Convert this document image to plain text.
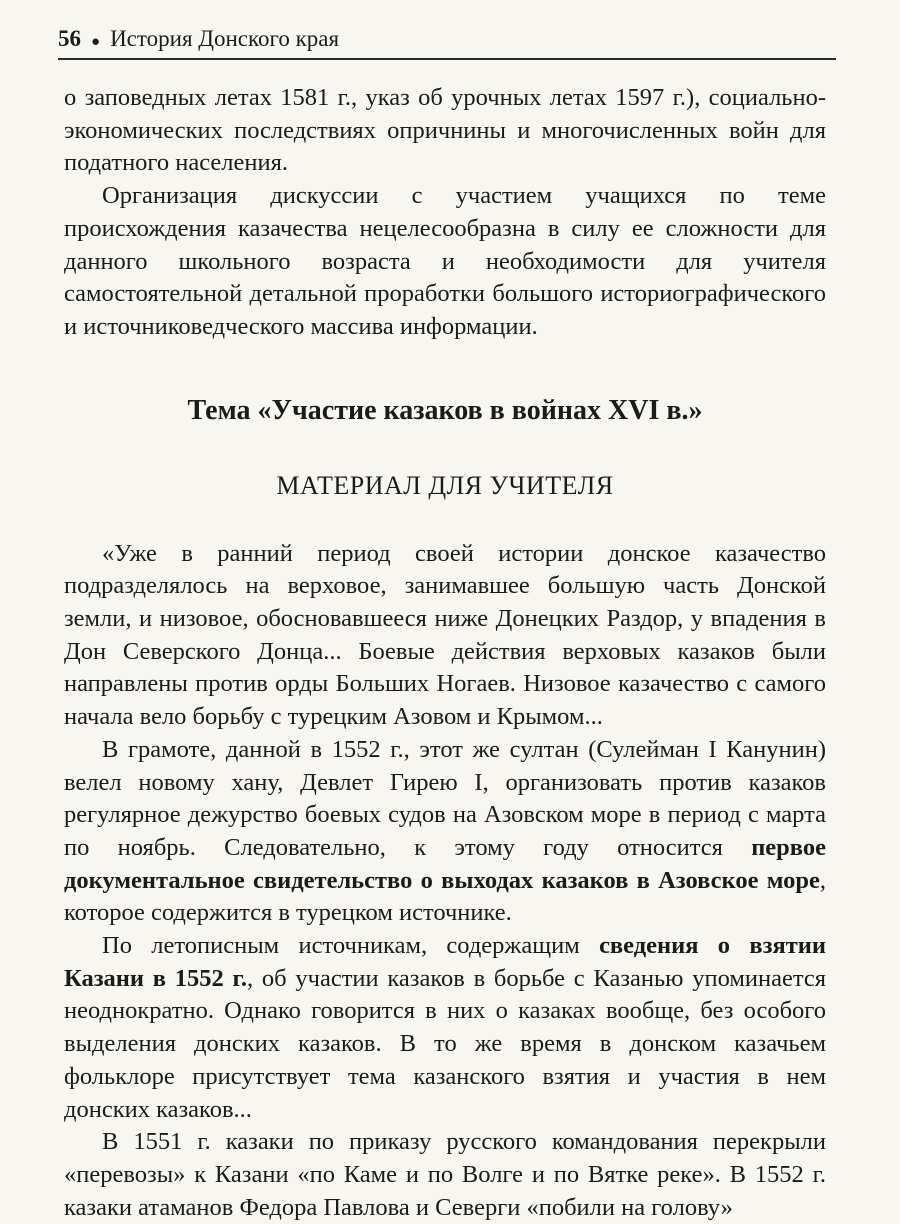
56 ● История Донского края

о заповедных летах 1581 г., указ об урочных летах 1597 г.), социально-экономических последствиях опричнины и многочисленных войн для податного населения.

Организация дискуссии с участием учащихся по теме происхождения казачества нецелесообразна в силу ее сложности для данного школьного возраста и необходимости для учителя самостоятельной детальной проработки большого историографического и источниковедческого массива информации.

Тема «Участие казаков в войнах XVI в.»
МАТЕРИАЛ ДЛЯ УЧИТЕЛЯ

«Уже в ранний период своей истории донское казачество подразделялось на верховое, занимавшее большую часть Донской земли, и низовое, обосновавшееся ниже Донецких Раздор, у впадения в Дон Северского Донца... Боевые действия верховых казаков были направлены против орды Больших Ногаев. Низовое казачество с самого начала вело борьбу с турецким Азовом и Крымом...

В грамоте, данной в 1552 г., этот же султан (Сулейман I Канунин) велел новому хану, Девлет Гирею I, организовать против казаков регулярное дежурство боевых судов на Азовском море в период с марта по ноябрь. Следовательно, к этому году относится первое документальное свидетельство о выходах казаков в Азовское море, которое содержится в турецком источнике.

По летописным источникам, содержащим сведения о взятии Казани в 1552 г., об участии казаков в борьбе с Казанью упоминается неоднократно. Однако говорится в них о казаках вообще, без особого выделения донских казаков. В то же время в донском казачьем фольклоре присутствует тема казанского взятия и участия в нем донских казаков...

В 1551 г. казаки по приказу русского командования перекрыли «перевозы» к Казани «по Каме и по Волге и по Вятке реке». В 1552 г. казаки атаманов Федора Павлова и Северги «побили на голову»
